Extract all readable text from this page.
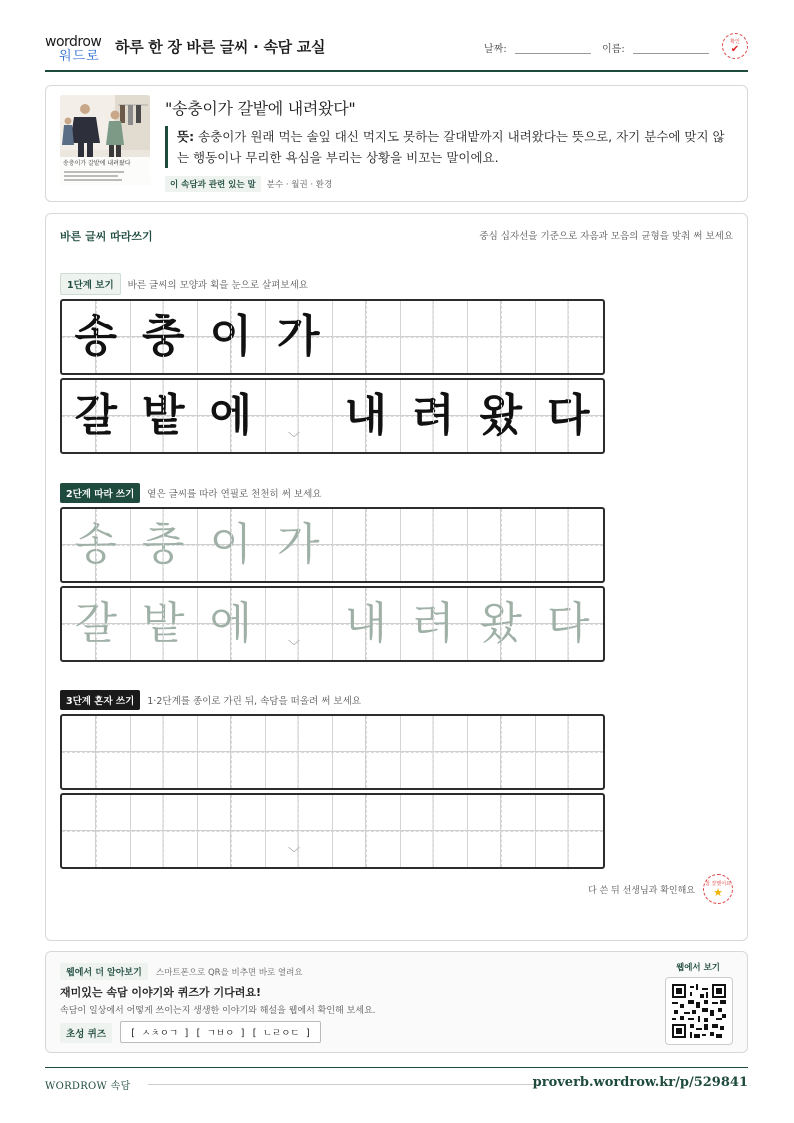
wordrow
워드로
하루 한 장 바른 글씨 · 속담 교실	날짜:	이름:
확인
✔
송충이가 갈밭에 내려왔다
"송충이가 갈밭에 내려왔다"
뜻: 송충이가 원래 먹는 솔잎 대신 먹지도 못하는 갈대밭까지 내려왔다는 뜻으로, 자기 분수에 맞지 않는 행동이나 무리한 욕심을 부리는 상황을 비꼬는 말이에요.
이 속담과 관련 있는 말	분수 · 월권 · 환경
바른 글씨 따라쓰기	중심 십자선을 기준으로 자음과 모음의 균형을 맞춰 써 보세요
1단계 보기	바른 글씨의 모양과 획을 눈으로 살펴보세요
송 충 이 가
갈 밭 에 내 려 왔 다
﹀
2단계 따라 쓰기	옅은 글씨를 따라 연필로 천천히 써 보세요
송 충 이 가
갈 밭 에 내 려 왔 다
﹀
3단계 혼자 쓰기	1·2단계를 종이로 가린 뒤, 속담을 떠올려 써 보세요
﹀
다 쓴 뒤 선생님과 확인해요
참 잘했어요
★
웹에서 더 알아보기	스마트폰으로 QR을 비추면 바로 열려요
재미있는 속담 이야기와 퀴즈가 기다려요!
속담이 일상에서 어떻게 쓰이는지 생생한 이야기와 해설을 웹에서 확인해 보세요.
초성 퀴즈	[ ㅅㅊㅇㄱ ] [ ㄱㅂㅇ ] [ ㄴㄹㅇㄷ ]
웹에서 보기
WORDROW 속담	proverb.wordrow.kr/p/529841
